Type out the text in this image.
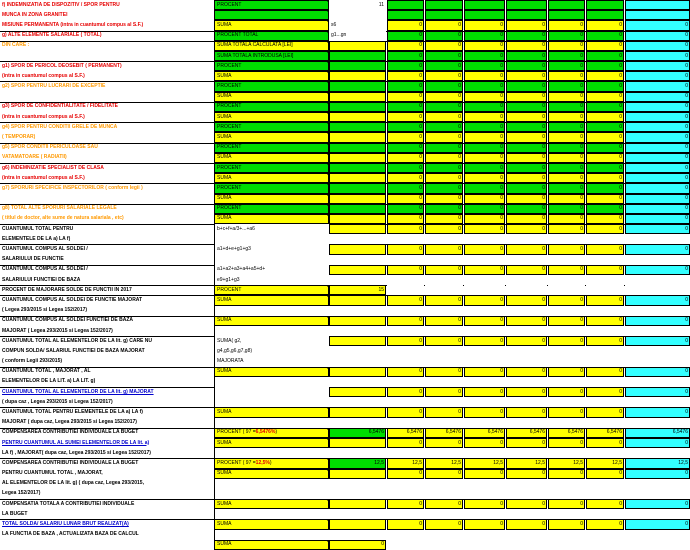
f) INDEMNIZATIA DE DISPOZITIV / SPOR PENTRU	PROCENT	11
MUNCA IN ZONA GRANITEI
MISIUNE PERMANENTA (intra in cuantumul compus al S.F.)	SUMA	s6	0	0	0	0	0	0	0
g) ALTE ELEMENTE SALARIALE ( TOTAL)	PROCENT TOTAL	g1...gn	0	0	0	0	0	0	0
DIN CARE :	SUMA TOTALA CALCULATA [LEI]	0	0	0	0	0	0	0
SUMA TOTALA INTRODUSA [LEI]	0	0	0	0	0	0	0
g1) SPOR DE PERICOL DEOSEBIT ( PERMANENT)	PROCENT	0	0	0	0	0	0	0
(intra in cuantumul compus al S.F.)	SUMA	0	0	0	0	0	0	0
g2) SPOR PENTRU LUCRARI DE EXCEPTIE	PROCENT	0	0	0	0	0	0	0
SUMA	0	0	0	0	0	0	0
g3) SPOR DE CONFIDENTIALITATE / FIDELITATE	PROCENT	0	0	0	0	0	0	0
(intra in cuantumul compus al S.F.)	SUMA	0	0	0	0	0	0	0
g4) SPOR PENTRU CONDITII GRELE DE MUNCA	PROCENT	0	0	0	0	0	0	0
( TEMPORAR)	SUMA	0	0	0	0	0	0	0
g5) SPOR CONDITII PERICULOASE SAU	PROCENT	0	0	0	0	0	0	0
VATAMATOARE ( RADIATII)	SUMA	0	0	0	0	0	0	0
g6) INDEMNIZATIE SPECIALIST DE CLASA	PROCENT	0	0	0	0	0	0	0
(intra in cuantumul compus al S.F.)	SUMA	0	0	0	0	0	0	0
g7) SPORURI SPECIFICE INSPECTORILOR ( conform legii )	PROCENT	0	0	0	0	0	0	0
SUMA	0	0	0	0	0	0	0
g8) TOTAL ALTE SPORURI SALARIALE LEGALE	PROCENT	0	0	0	0	0	0	0
( titlul de doctor, alte sume de natura salariala , etc)	SUMA	0	0	0	0	0	0	0
CUANTUMUL TOTAL PENTRU	b+c+f+a/3+...+a6	0	0	0	0	0	0	0
ELEMENTELE DE LA a) LA f)
CUANTUMUL COMPUS AL SOLDEI /	a1+d+e+g1+g3	0	0	0	0	0	0	0
SALARIULUI DE FUNCTIE
CUANTUMUL COMPUS AL SOLDEI /	a1+a2+a3+a4+a5+d+	0	0	0	0	0	0	0
SALARIULUI FUNCTIEI DE BAZA	e9+g1+g3
PROCENT DE MAJORARE SOLDE DE FUNCTII IN 2017	PROCENT	15
CUANTUMUL COMPUS AL SOLDEI DE FUNCTIE MAJORAT	SUMA	0	0	0	0	0	0	0
( Legea 293/2015 si Legea 152/2017)
CUANTUMUL COMPUS AL SOLDEI FUNCTIEI DE BAZA	SUMA	0	0	0	0	0	0	0
MAJORAT ( Legea 293/2015 si Legea 152/2017)
CUANTUMUL TOTAL AL ELEMENTELOR DE LA lit. g) CARE NU	SUMA( g2,	0	0	0	0	0	0	0
COMPUN SOLDA/ SALARIUL FUNCTIEI DE BAZA MAJORAT	g4,g5,g6,g7,g8)
( conform Legii 293/2015)	MAJORATA
CUANTUMUL TOTAL , MAJORAT , AL	SUMA	0	0	0	0	0	0	0
ELEMENTELOR DE LA LIT. a) LA LIT. g)
CUANTUMUL TOTAL AL ELEMENTELOR DE LA lit. g) MAJORAT	0	0	0	0	0	0	0
( dupa caz , Legea 293/2015 si Legea 152/2017)
CUANTUMUL TOTAL PENTRU ELEMENTELE DE LA a) LA f)	SUMA	0	0	0	0	0	0	0
MAJORAT ( dupa caz, Legea 293/2015 si Legea 152/2017)
COMPENSAREA CONTRIBUTIEI INDIVIDUALE LA BUGET	PROCENT ( 97 = 6,5476% )	6,5476	6,5476	6,5476	6,5476	6,5476	6,5476	6,5476	6,5476
PENTRU CUANTUMUL AL SUMEI ELEMENTELOR DE LA lit. a)	SUMA	0	0	0	0	0	0	0
LA f) , MAJORAT( dupa caz, Legea 293/2015 si Legea 152/2017)
COMPENSAREA CONTRIBUTIEI INDIVIDUALE LA BUGET	PROCENT ( 97 = 12,5% )	12,5	12,5	12,5	12,5	12,5	12,5	12,5	12,5
PENTRU CUANTUMUL TOTAL , MAJORAT,	SUMA	0	0	0	0	0	0	0
AL ELEMENTELOR DE LA lit. g) ( dupa caz, Legea 293/2015,
Legea 152/2017)
COMPENSATIA TOTALA A CONTRIBUTIEI INDIVIDUALE	SUMA	0	0	0	0	0	0	0
LA BUGET
TOTAL SOLDA/ SALARIU LUNAR BRUT REALIZAT(A)	SUMA	0	0	0	0	0	0	0
LA FUNCTIA DE BAZA , ACTUALIZATA BAZA DE CALCUL
SUMA	0
